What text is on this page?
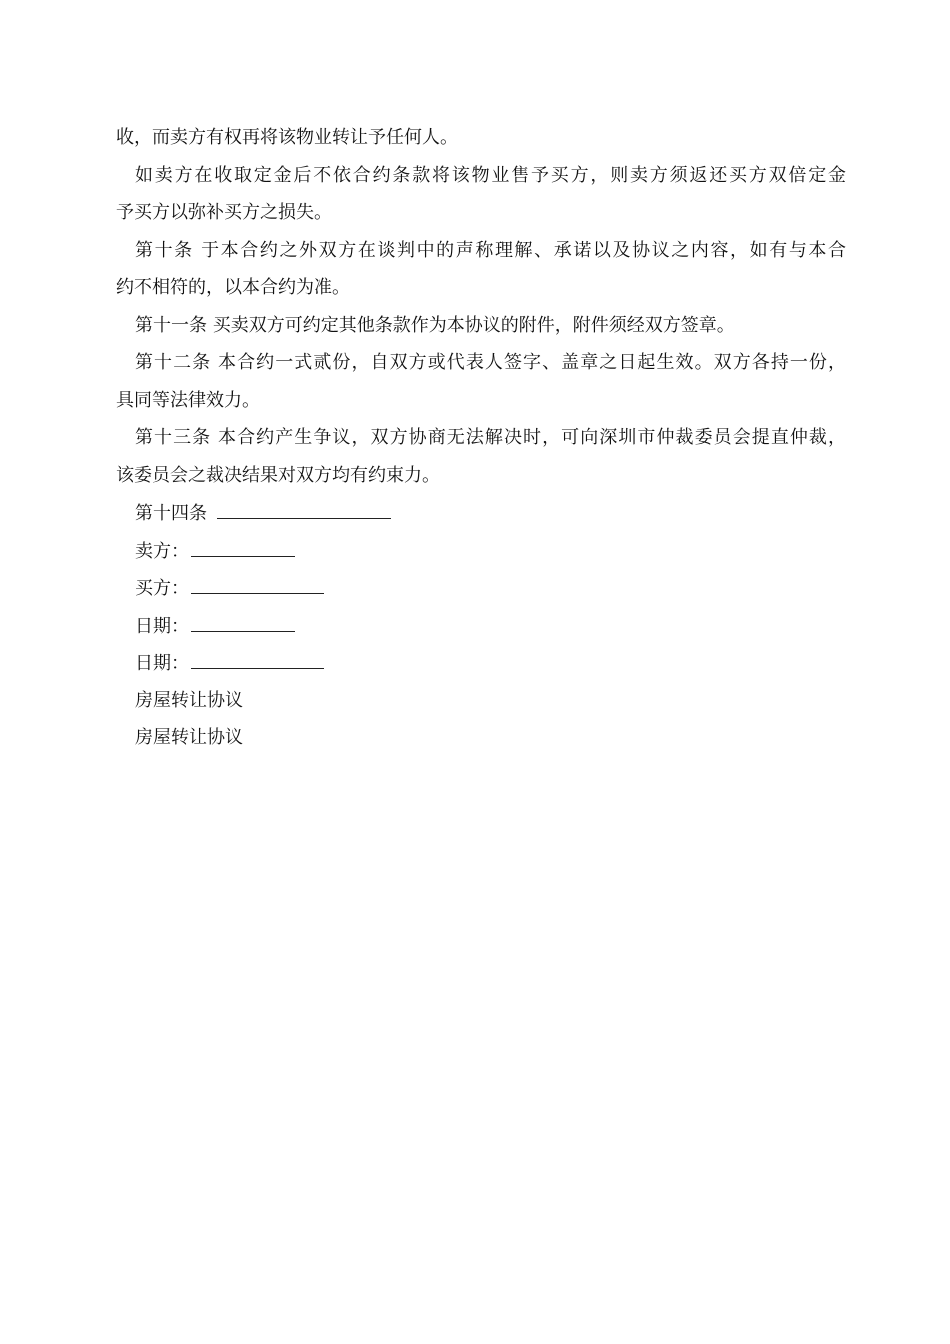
收，而卖方有权再将该物业转让予任何人。
如卖方在收取定金后不依合约条款将该物业售予买方，则卖方须返还买方双倍定金
予买方以弥补买方之损失。
第十条 于本合约之外双方在谈判中的声称理解、承诺以及协议之内容，如有与本合
约不相符的，以本合约为准。
第十一条 买卖双方可约定其他条款作为本协议的附件，附件须经双方签章。
第十二条 本合约一式贰份，自双方或代表人签字、盖章之日起生效。双方各持一份，
具同等法律效力。
第十三条 本合约产生争议，双方协商无法解决时，可向深圳市仲裁委员会提直仲裁，
该委员会之裁决结果对双方均有约束力。
第十四条
卖方：
买方：
日期：
日期：
房屋转让协议
房屋转让协议
